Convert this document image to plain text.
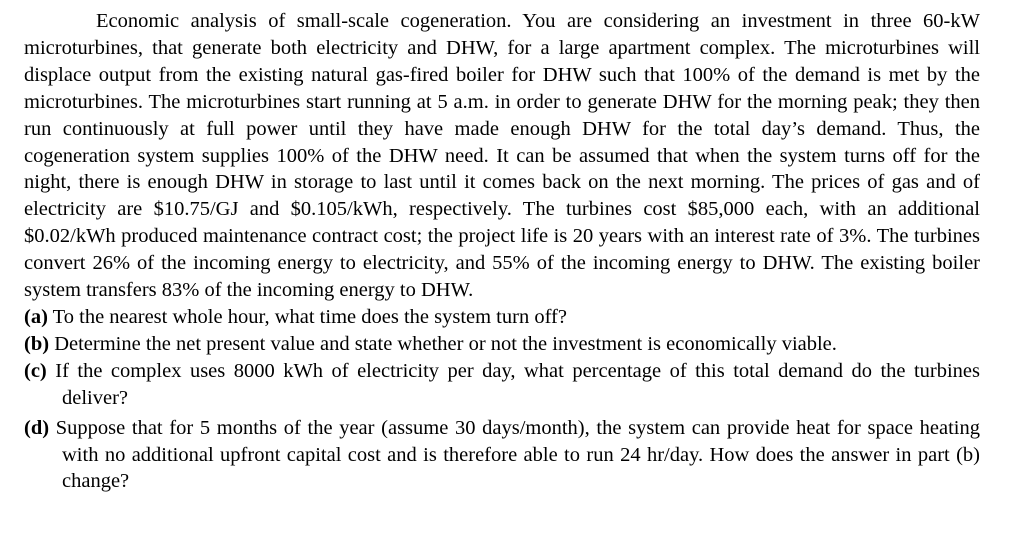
Economic analysis of small-scale cogeneration. You are considering an investment in three 60-kW microturbines, that generate both electricity and DHW, for a large apartment complex. The microturbines will displace output from the existing natural gas-fired boiler for DHW such that 100% of the demand is met by the microturbines. The microturbines start running at 5 a.m. in order to generate DHW for the morning peak; they then run continuously at full power until they have made enough DHW for the total day’s demand. Thus, the cogeneration system supplies 100% of the DHW need. It can be assumed that when the system turns off for the night, there is enough DHW in storage to last until it comes back on the next morning. The prices of gas and of electricity are $10.75/GJ and $0.105/kWh, respectively. The turbines cost $85,000 each, with an additional $0.02/kWh produced maintenance contract cost; the project life is 20 years with an interest rate of 3%. The turbines convert 26% of the incoming energy to electricity, and 55% of the incoming energy to DHW. The existing boiler system transfers 83% of the incoming energy to DHW.

(a) To the nearest whole hour, what time does the system turn off?
(b) Determine the net present value and state whether or not the investment is economically viable.
(c) If the complex uses 8000 kWh of electricity per day, what percentage of this total demand do the turbines deliver?
(d) Suppose that for 5 months of the year (assume 30 days/month), the system can provide heat for space heating with no additional upfront capital cost and is therefore able to run 24 hr/day. How does the answer in part (b) change?
